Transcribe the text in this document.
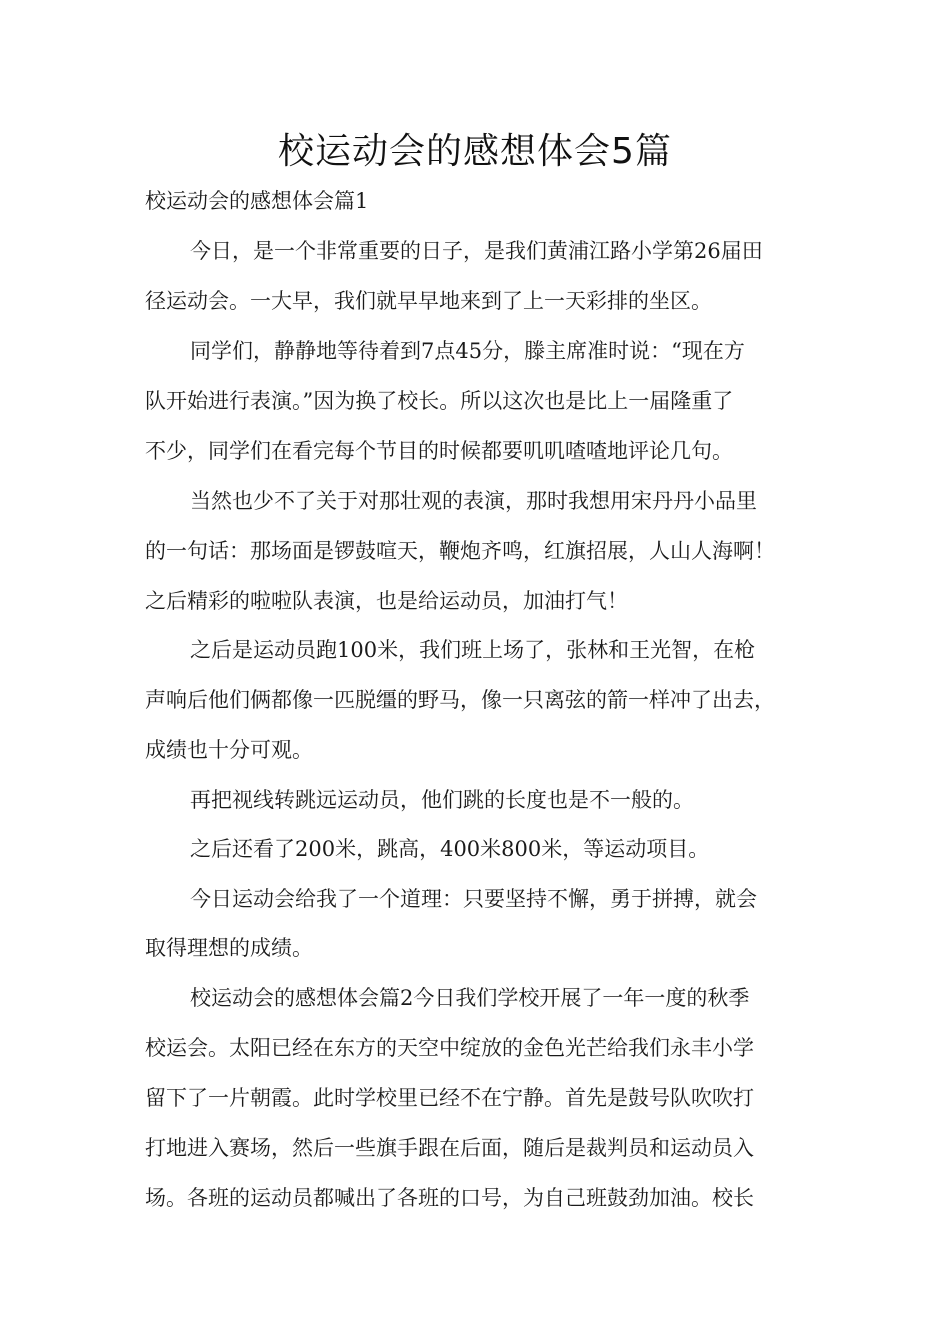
校运动会的感想体会5篇
校运动会的感想体会篇1

今日，是一个非常重要的日子，是我们黄浦江路小学第26届田

径运动会。一大早，我们就早早地来到了上一天彩排的坐区。

同学们，静静地等待着到7点45分，滕主席准时说：“现在方

队开始进行表演。”因为换了校长。所以这次也是比上一届隆重了

不少，同学们在看完每个节目的时候都要叽叽喳喳地评论几句。

当然也少不了关于对那壮观的表演，那时我想用宋丹丹小品里

的一句话：那场面是锣鼓喧天，鞭炮齐鸣，红旗招展，人山人海啊！

之后精彩的啦啦队表演，也是给运动员，加油打气！

之后是运动员跑100米，我们班上场了，张林和王光智，在枪

声响后他们俩都像一匹脱缰的野马，像一只离弦的箭一样冲了出去，

成绩也十分可观。

再把视线转跳远运动员，他们跳的长度也是不一般的。

之后还看了200米，跳高，400米800米，等运动项目。

今日运动会给我了一个道理：只要坚持不懈，勇于拼搏，就会

取得理想的成绩。

校运动会的感想体会篇2今日我们学校开展了一年一度的秋季

校运会。太阳已经在东方的天空中绽放的金色光芒给我们永丰小学

留下了一片朝霞。此时学校里已经不在宁静。首先是鼓号队吹吹打

打地进入赛场，然后一些旗手跟在后面，随后是裁判员和运动员入

场。各班的运动员都喊出了各班的口号，为自己班鼓劲加油。校长
